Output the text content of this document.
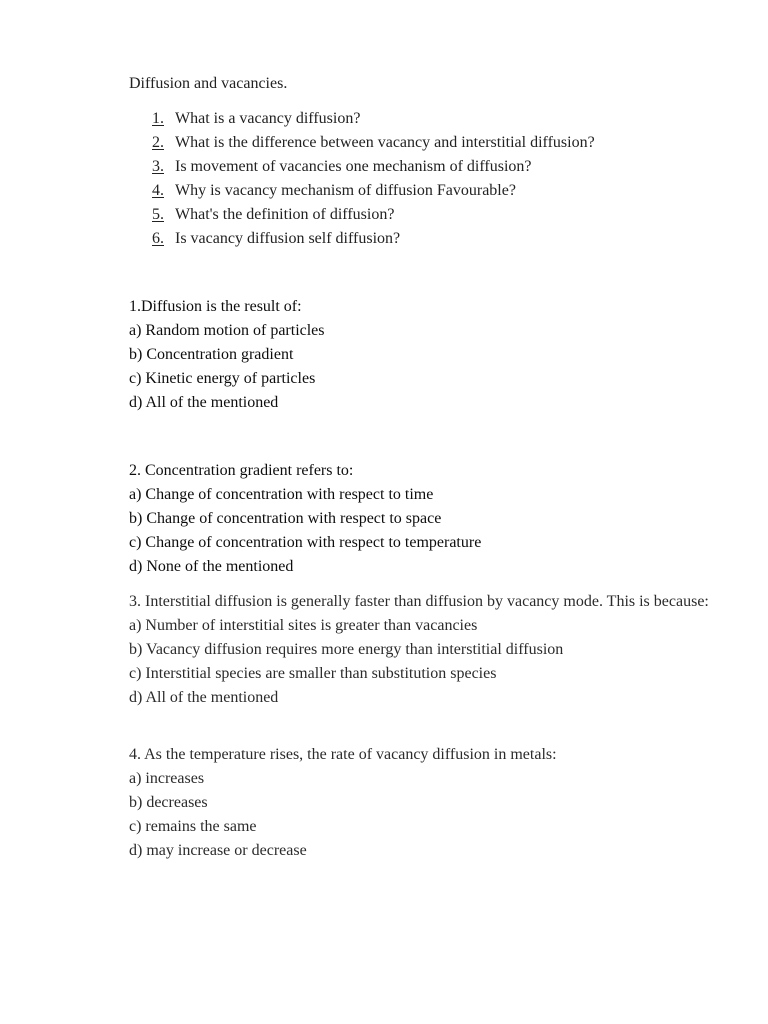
Diffusion and vacancies.
1. What is a vacancy diffusion?
2. What is the difference between vacancy and interstitial diffusion?
3. Is movement of vacancies one mechanism of diffusion?
4. Why is vacancy mechanism of diffusion Favourable?
5. What's the definition of diffusion?
6. Is vacancy diffusion self diffusion?
1.Diffusion is the result of:
a) Random motion of particles
b) Concentration gradient
c) Kinetic energy of particles
d) All of the mentioned
2. Concentration gradient refers to:
a) Change of concentration with respect to time
b) Change of concentration with respect to space
c) Change of concentration with respect to temperature
d) None of the mentioned
3. Interstitial diffusion is generally faster than diffusion by vacancy mode. This is because:
a) Number of interstitial sites is greater than vacancies
b) Vacancy diffusion requires more energy than interstitial diffusion
c) Interstitial species are smaller than substitution species
d) All of the mentioned
4. As the temperature rises, the rate of vacancy diffusion in metals:
a) increases
b) decreases
c) remains the same
d) may increase or decrease
